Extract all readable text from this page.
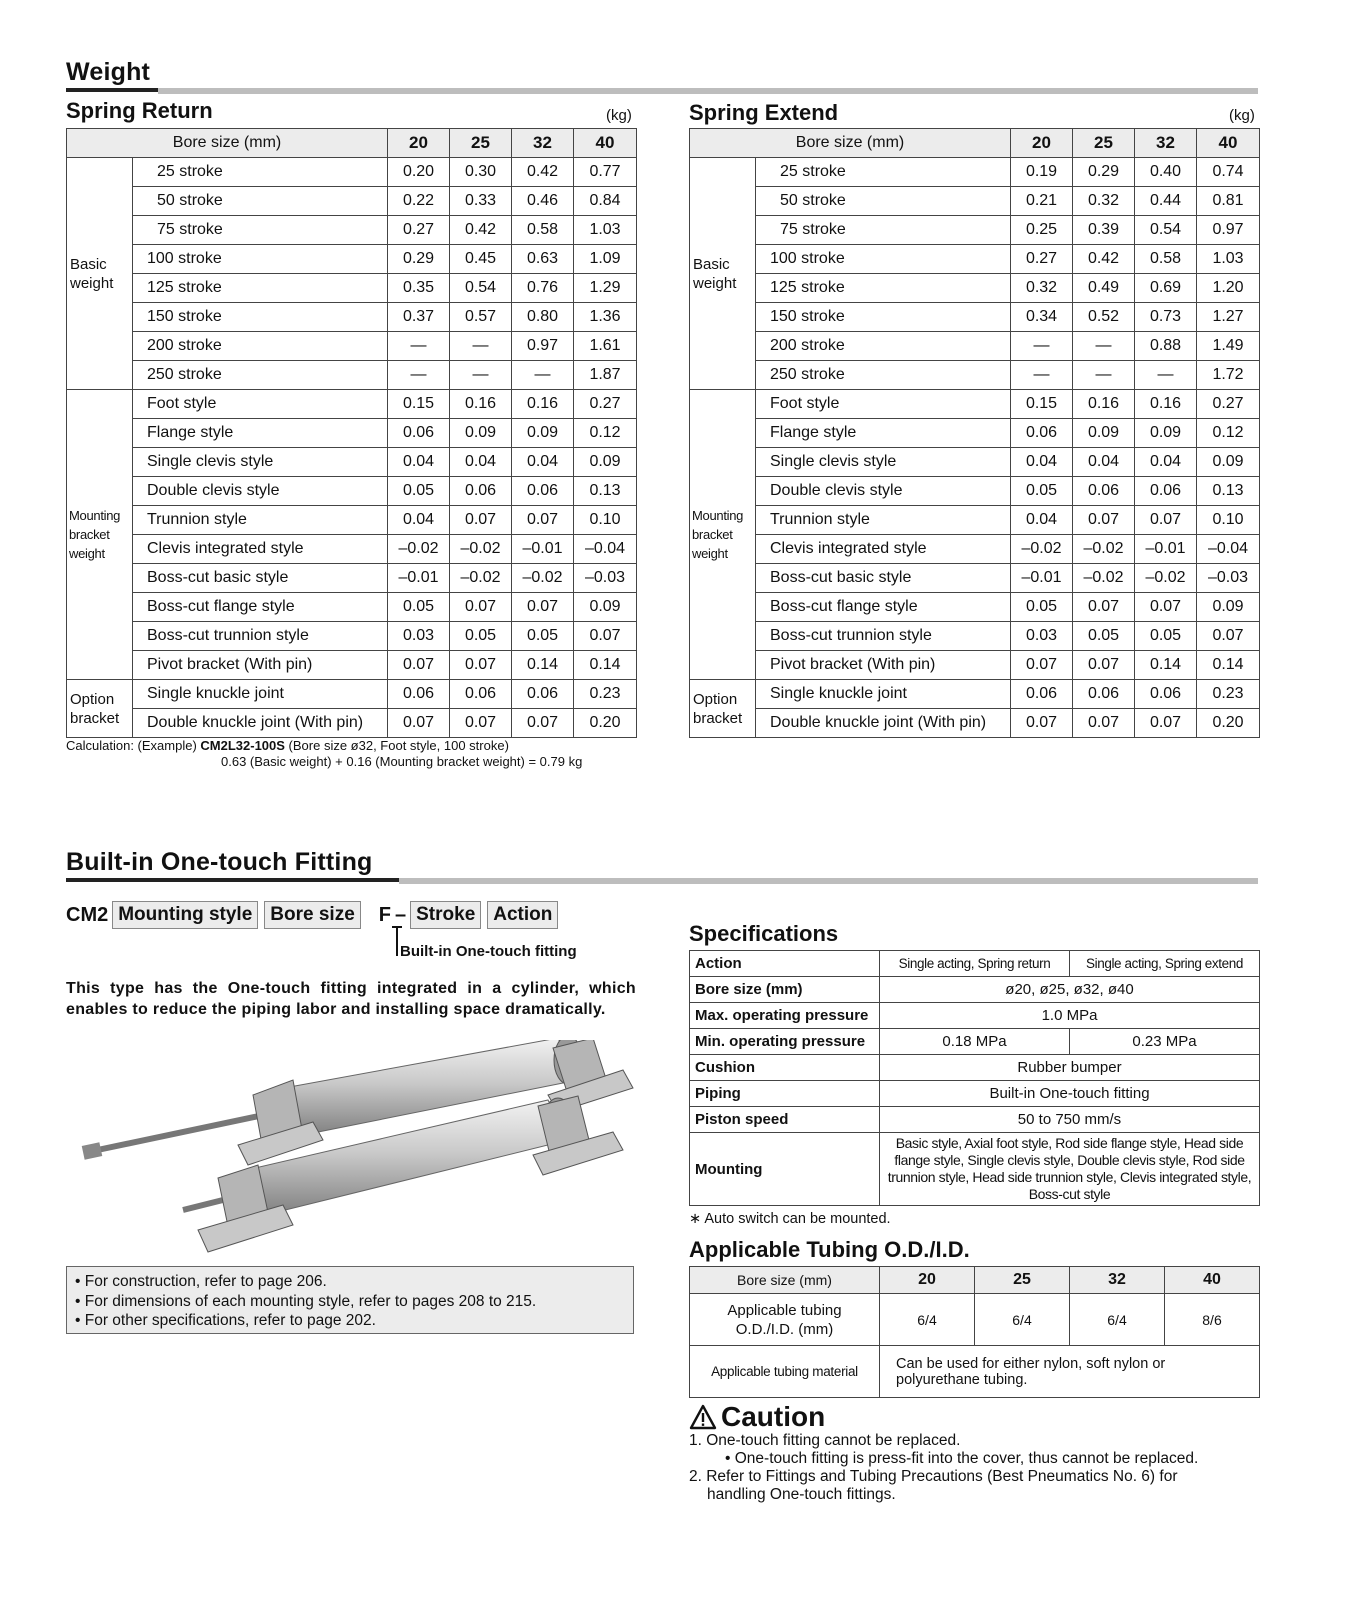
Weight
Spring Return	(kg)	Spring Extend	(kg)
Bore size (mm)		20	25	32	40
Basic weight	25 stroke	0.20	0.30	0.42	0.77
	50 stroke	0.22	0.33	0.46	0.84
	75 stroke	0.27	0.42	0.58	1.03
	100 stroke	0.29	0.45	0.63	1.09
	125 stroke	0.35	0.54	0.76	1.29
	150 stroke	0.37	0.57	0.80	1.36
	200 stroke	—	—	0.97	1.61
	250 stroke	—	—	—	1.87
Mounting bracket weight	Foot style	0.15	0.16	0.16	0.27
	Flange style	0.06	0.09	0.09	0.12
	Single clevis style	0.04	0.04	0.04	0.09
	Double clevis style	0.05	0.06	0.06	0.13
	Trunnion style	0.04	0.07	0.07	0.10
	Clevis integrated style	–0.02	–0.02	–0.01	–0.04
	Boss-cut basic style	–0.01	–0.02	–0.02	–0.03
	Boss-cut flange style	0.05	0.07	0.07	0.09
	Boss-cut trunnion style	0.03	0.05	0.05	0.07
	Pivot bracket (With pin)	0.07	0.07	0.14	0.14
Option bracket	Single knuckle joint	0.06	0.06	0.06	0.23
	Double knuckle joint (With pin)	0.07	0.07	0.07	0.20
Bore size (mm)		20	25	32	40
Basic weight	25 stroke	0.19	0.29	0.40	0.74
	50 stroke	0.21	0.32	0.44	0.81
	75 stroke	0.25	0.39	0.54	0.97
	100 stroke	0.27	0.42	0.58	1.03
	125 stroke	0.32	0.49	0.69	1.20
	150 stroke	0.34	0.52	0.73	1.27
	200 stroke	—	—	0.88	1.49
	250 stroke	—	—	—	1.72
Mounting bracket weight	Foot style	0.15	0.16	0.16	0.27
	Flange style	0.06	0.09	0.09	0.12
	Single clevis style	0.04	0.04	0.04	0.09
	Double clevis style	0.05	0.06	0.06	0.13
	Trunnion style	0.04	0.07	0.07	0.10
	Clevis integrated style	–0.02	–0.02	–0.01	–0.04
	Boss-cut basic style	–0.01	–0.02	–0.02	–0.03
	Boss-cut flange style	0.05	0.07	0.07	0.09
	Boss-cut trunnion style	0.03	0.05	0.05	0.07
	Pivot bracket (With pin)	0.07	0.07	0.14	0.14
Option bracket	Single knuckle joint	0.06	0.06	0.06	0.23
	Double knuckle joint (With pin)	0.07	0.07	0.07	0.20
Calculation: (Example) CM2L32-100S (Bore size ø32, Foot style, 100 stroke)
0.63 (Basic weight) + 0.16 (Mounting bracket weight) = 0.79 kg
Built-in One-touch Fitting
CM2 Mounting style Bore size	F – Stroke Action
Built-in One-touch fitting
This type has the One-touch fitting integrated in a cylinder, which enables to reduce the piping labor and installing space dramatically.
• For construction, refer to page 206.
• For dimensions of each mounting style, refer to pages 208 to 215.
• For other specifications, refer to page 202.
Specifications
Action	Single acting, Spring return	Single acting, Spring extend
Bore size (mm)	ø20, ø25, ø32, ø40	
Max. operating pressure	1.0 MPa	
Min. operating pressure	0.18 MPa	0.23 MPa
Cushion	Rubber bumper	
Piping	Built-in One-touch fitting	
Piston speed	50 to 750 mm/s	
Mounting	Basic style, Axial foot style, Rod side flange style, Head side flange style, Single clevis style, Double clevis style, Rod side trunnion style, Head side trunnion style, Clevis integrated style, Boss-cut style	
∗ Auto switch can be mounted.
Applicable Tubing O.D./I.D.
Bore size (mm)	20	25	32	40
Applicable tubing O.D./I.D. (mm)	6/4	6/4	6/4	8/6
Applicable tubing material	Can be used for either nylon, soft nylon or polyurethane tubing.			
Caution
1. One-touch fitting cannot be replaced.
• One-touch fitting is press-fit into the cover, thus cannot be replaced.
2. Refer to Fittings and Tubing Precautions (Best Pneumatics No. 6) for
handling One-touch fittings.
